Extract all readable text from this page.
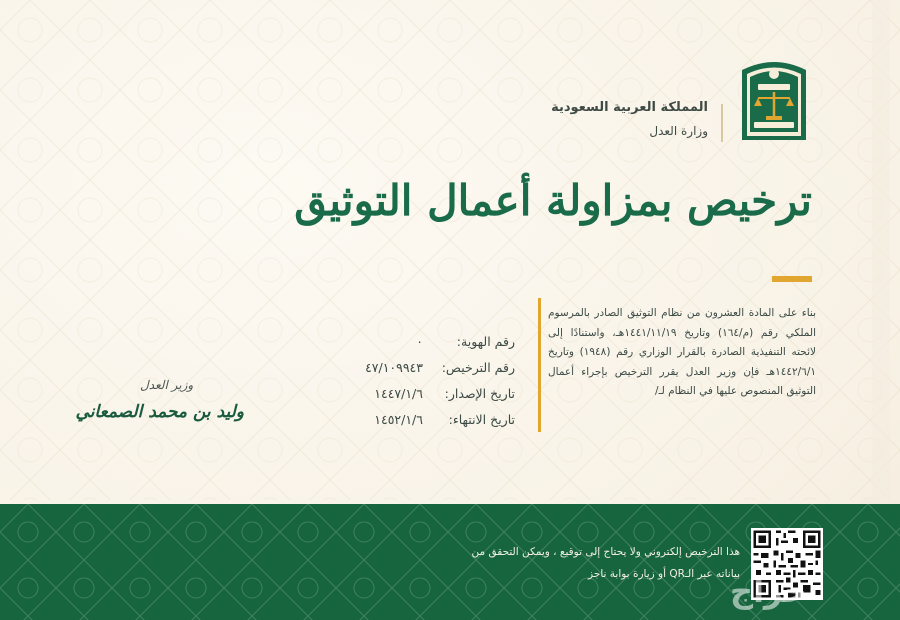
المملكة العربية السعودية
وزارة العدل
ترخيص بمزاولة أعمال التوثيق
بناء على المادة العشرون من نظام التوثيق الصادر بالمرسوم الملكي رقم (م/١٦٤) وتاريخ ١٤٤١/١١/١٩هـ، واستنادًا إلى لائحته التنفيذية الصادرة بالقرار الوزاري رقم (١٩٤٨) وتاريخ ١٤٤٢/٦/١هـ فإن وزير العدل يقرر الترخيص بإجراء أعمال التوثيق المنصوص عليها في النظام لـ/
رقم الهوية:
٠
رقم الترخيص:
٤٧/١٠٩٩٤٣
تاريخ الإصدار:
١٤٤٧/١/٦
تاريخ الانتهاء:
١٤٥٢/١/٦
وزير العدل
وليد بن محمد الصمعاني
هذا الترخيص إلكتروني ولا يحتاج إلى توقيع ، ويمكن التحقق من
بياناته عبر الـQR أو زيارة بوابة ناجز
حراج
